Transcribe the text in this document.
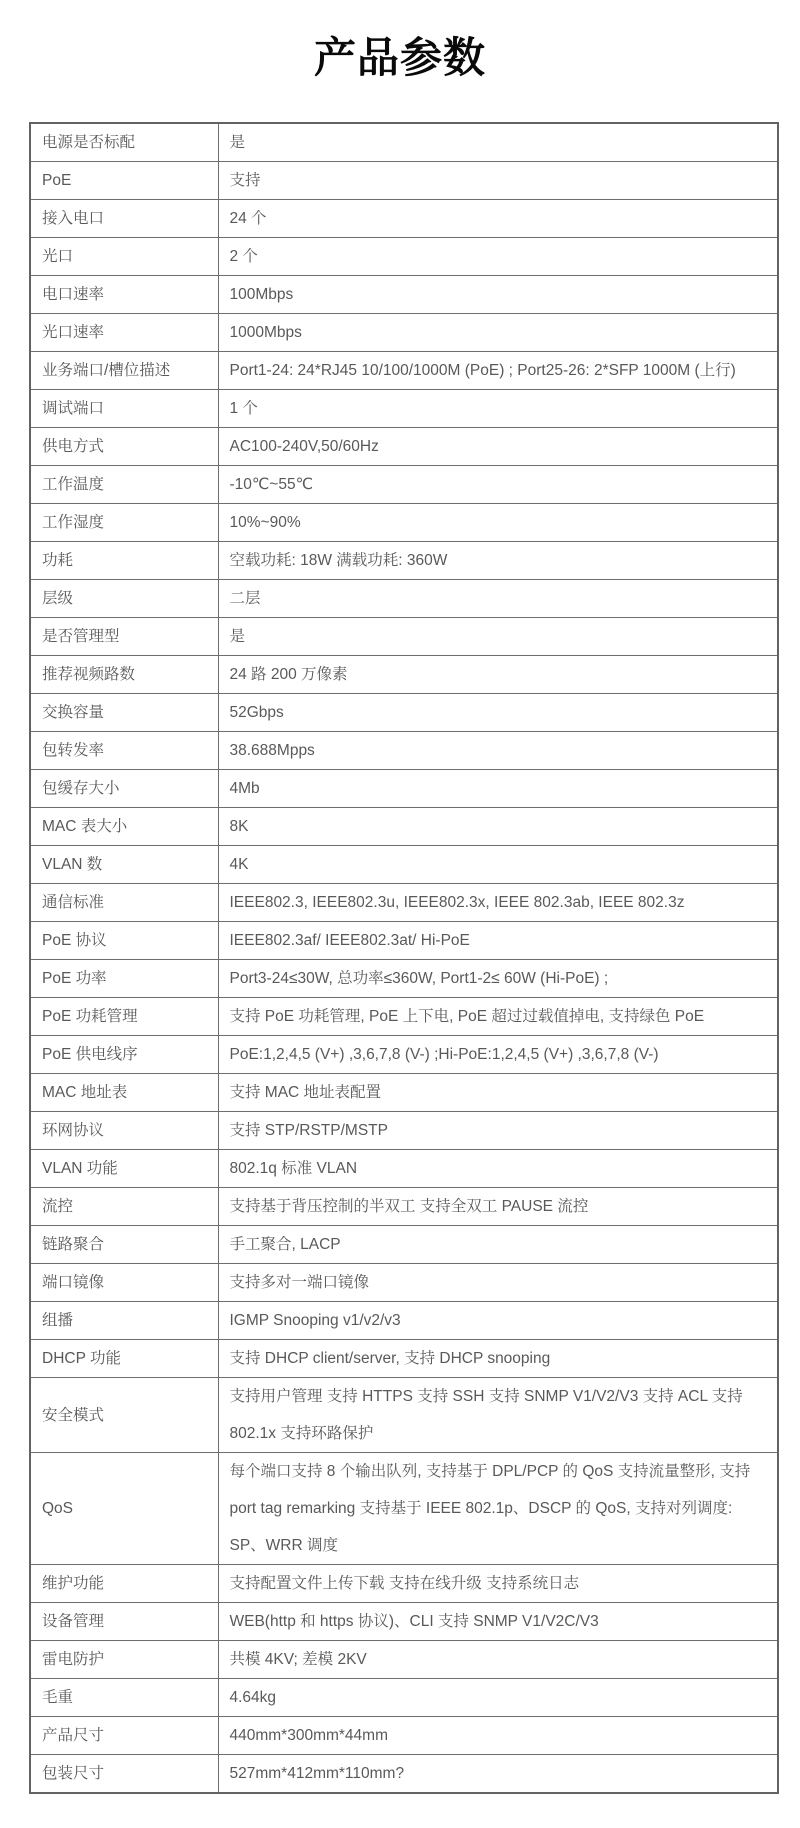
产品参数
电源是否标配	是
PoE	支持
接入电口	24 个
光口	2 个
电口速率	100Mbps
光口速率	1000Mbps
业务端口/槽位描述	Port1-24: 24*RJ45 10/100/1000M (PoE) ; Port25-26: 2*SFP 1000M (上行)
调试端口	1 个
供电方式	AC100-240V,50/60Hz
工作温度	-10℃~55℃
工作湿度	10%~90%
功耗	空载功耗: 18W 满载功耗: 360W
层级	二层
是否管理型	是
推荐视频路数	24 路 200 万像素
交换容量	52Gbps
包转发率	38.688Mpps
包缓存大小	4Mb
MAC 表大小	8K
VLAN 数	4K
通信标准	IEEE802.3, IEEE802.3u, IEEE802.3x, IEEE 802.3ab, IEEE 802.3z
PoE 协议	IEEE802.3af/ IEEE802.3at/ Hi-PoE
PoE 功率	Port3-24≤30W, 总功率≤360W, Port1-2≤ 60W (Hi-PoE) ;
PoE 功耗管理	支持 PoE 功耗管理, PoE 上下电, PoE 超过过载值掉电, 支持绿色 PoE
PoE 供电线序	PoE:1,2,4,5 (V+) ,3,6,7,8 (V-) ;Hi-PoE:1,2,4,5 (V+) ,3,6,7,8 (V-)
MAC 地址表	支持 MAC 地址表配置
环网协议	支持 STP/RSTP/MSTP
VLAN 功能	802.1q 标准 VLAN
流控	支持基于背压控制的半双工 支持全双工 PAUSE 流控
链路聚合	手工聚合, LACP
端口镜像	支持多对一端口镜像
组播	IGMP Snooping v1/v2/v3
DHCP 功能	支持 DHCP client/server, 支持 DHCP snooping
安全模式	支持用户管理 支持 HTTPS 支持 SSH 支持 SNMP V1/V2/V3 支持 ACL 支持 802.1x 支持环路保护
QoS	每个端口支持 8 个输出队列, 支持基于 DPL/PCP 的 QoS 支持流量整形, 支持 port tag remarking 支持基于 IEEE 802.1p、DSCP 的 QoS, 支持对列调度: SP、WRR 调度
维护功能	支持配置文件上传下载 支持在线升级 支持系统日志
设备管理	WEB(http 和 https 协议)、CLI 支持 SNMP V1/V2C/V3
雷电防护	共模 4KV; 差模 2KV
毛重	4.64kg
产品尺寸	440mm*300mm*44mm
包装尺寸	527mm*412mm*110mm?
